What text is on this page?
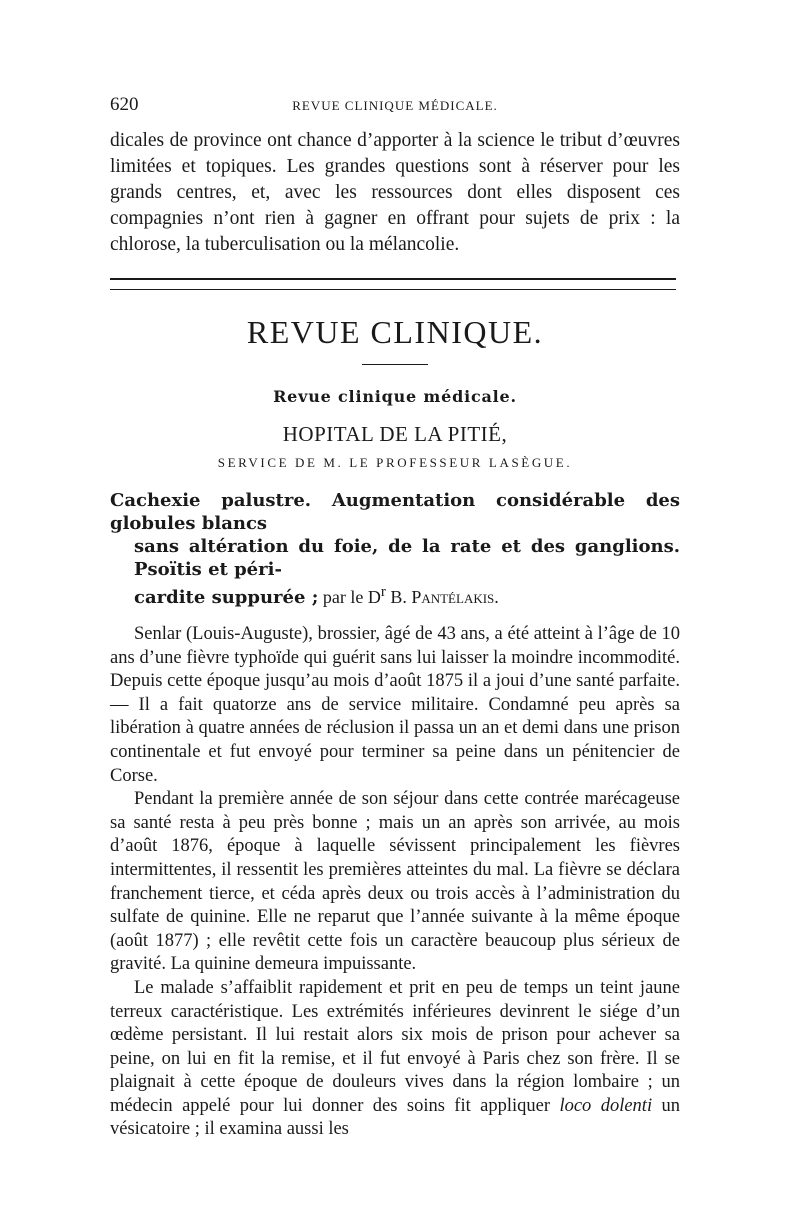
620	REVUE CLINIQUE MÉDICALE.

dicales de province ont chance d’apporter à la science le tribut d’œuvres limitées et topiques. Les grandes questions sont à réserver pour les grands centres, et, avec les ressources dont elles disposent ces compagnies n’ont rien à gagner en offrant pour sujets de prix : la chlorose, la tuberculisation ou la mélancolie.

REVUE CLINIQUE.
Revue clinique médicale.
HOPITAL DE LA PITIÉ,
SERVICE DE M. LE PROFESSEUR LASÈGUE.
Cachexie palustre. Augmentation considérable des globules blancs
sans altération du foie, de la rate et des ganglions. Psoïtis et péri-
cardite suppurée ; par le $D^r$ B. Pantélakis.

Senlar (Louis-Auguste), brossier, âgé de 43 ans, a été atteint à l’âge de 10 ans d’une fièvre typhoïde qui guérit sans lui laisser la moindre incommodité. Depuis cette époque jusqu’au mois d’août 1875 il a joui d’une santé parfaite. — Il a fait quatorze ans de service militaire. Condamné peu après sa libération à quatre années de réclusion il passa un an et demi dans une prison continentale et fut envoyé pour terminer sa peine dans un pénitencier de Corse.

Pendant la première année de son séjour dans cette contrée marécageuse sa santé resta à peu près bonne ; mais un an après son arrivée, au mois d’août 1876, époque à laquelle sévissent principalement les fièvres intermittentes, il ressentit les premières atteintes du mal. La fièvre se déclara franchement tierce, et céda après deux ou trois accès à l’administration du sulfate de quinine. Elle ne reparut que l’année suivante à la même époque (août 1877) ; elle revêtit cette fois un caractère beaucoup plus sérieux de gravité. La quinine demeura impuissante.

Le malade s’affaiblit rapidement et prit en peu de temps un teint jaune terreux caractéristique. Les extrémités inférieures devinrent le siége d’un œdème persistant. Il lui restait alors six mois de prison pour achever sa peine, on lui en fit la remise, et il fut envoyé à Paris chez son frère. Il se plaignait à cette époque de douleurs vives dans la région lombaire ; un médecin appelé pour lui donner des soins fit appliquer loco dolenti un vésicatoire ; il examina aussi les
